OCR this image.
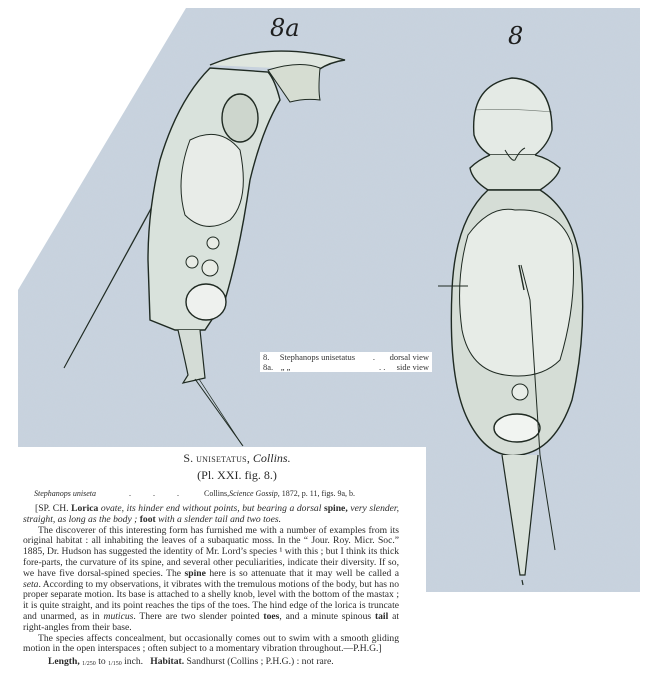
8a	8
8.	Stephanops unisetatus	.	dorsal view
8a. „ „	. .	side view
S. unisetatus, Collins.
(Pl. XXI. fig. 8.)
Stephanops uniseta	. . .	Collins, Science Gossip , 1872, p. 11, figs. 9a, b.

[SP. CH. Lorica ovate, its hinder end without points, but bearing a dorsal spine, very slender, straight, as long as the body ; foot with a slender tail and two toes.

The discoverer of this interesting form has furnished me with a number of examples from its original habitat : all inhabiting the leaves of a subaquatic moss. In the “ Jour. Roy. Micr. Soc.” 1885, Dr. Hudson has suggested the identity of Mr. Lord’s species ¹ with this ; but I think its thick fore-parts, the curvature of its spine, and several other peculiarities, indicate their diversity. If so, we have five dorsal-spined species. The spine here is so attenuate that it may well be called a seta. According to my observations, it vibrates with the tremulous motions of the body, but has no proper separate motion. Its base is attached to a shelly knob, level with the bottom of the mastax ; it is quite straight, and its point reaches the tips of the toes. The hind edge of the lorica is truncate and unarmed, as in muticus. There are two slender pointed toes, and a minute spinous tail at right-angles from their base.

The species affects concealment, but occasionally comes out to swim with a smooth gliding motion in the open interspaces ; often subject to a momentary vibration throughout.—P.H.G.]

Length, 1/250 to 1/150 inch. Habitat. Sandhurst (Collins ; P.H.G.) : not rare.
